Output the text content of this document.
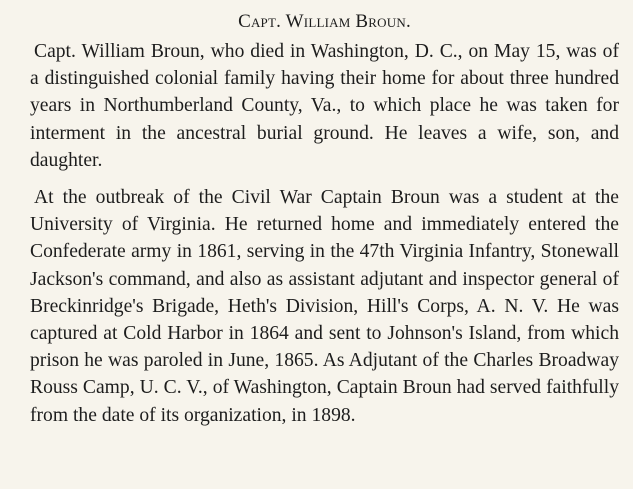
Capt. William Broun.

Capt. William Broun, who died in Washington, D. C., on May 15, was of a distinguished colonial family having their home for about three hundred years in Northumberland County, Va., to which place he was taken for interment in the ancestral burial ground. He leaves a wife, son, and daughter.

At the outbreak of the Civil War Captain Broun was a student at the University of Virginia. He returned home and immediately entered the Confederate army in 1861, serving in the 47th Virginia Infantry, Stonewall Jackson's command, and also as assistant adjutant and inspector general of Breckinridge's Brigade, Heth's Division, Hill's Corps, A. N. V. He was captured at Cold Harbor in 1864 and sent to Johnson's Island, from which prison he was paroled in June, 1865. As Adjutant of the Charles Broadway Rouss Camp, U. C. V., of Washington, Captain Broun had served faithfully from the date of its organization, in 1898.
